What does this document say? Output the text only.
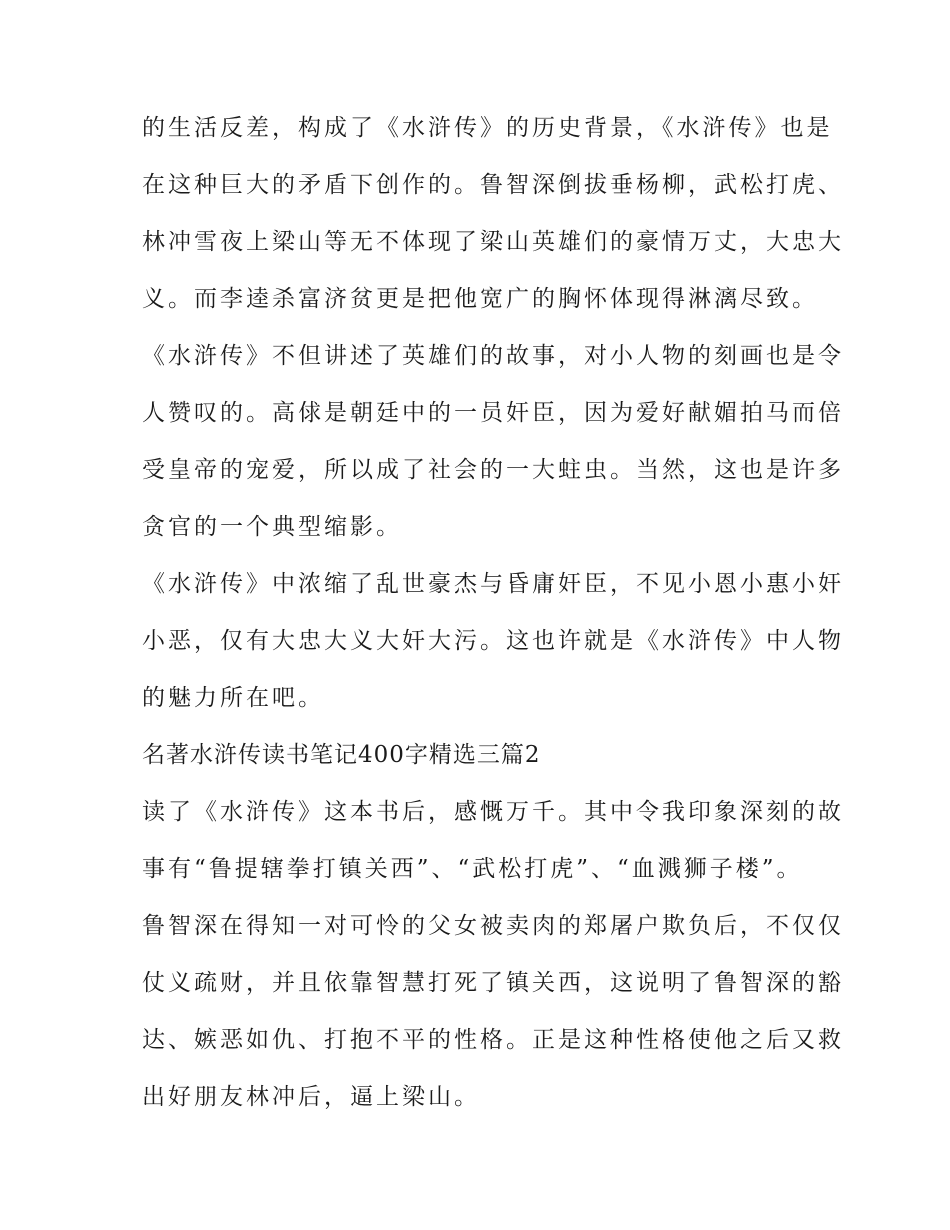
的生活反差，构成了《水浒传》的历史背景，《水浒传》也是
在这种巨大的矛盾下创作的。鲁智深倒拔垂杨柳，武松打虎、
林冲雪夜上梁山等无不体现了梁山英雄们的豪情万丈，大忠大
义。而李逵杀富济贫更是把他宽广的胸怀体现得淋漓尽致。
《水浒传》不但讲述了英雄们的故事，对小人物的刻画也是令
人赞叹的。高俅是朝廷中的一员奸臣，因为爱好献媚拍马而倍
受皇帝的宠爱，所以成了社会的一大蛀虫。当然，这也是许多
贪官的一个典型缩影。
《水浒传》中浓缩了乱世豪杰与昏庸奸臣，不见小恩小惠小奸
小恶，仅有大忠大义大奸大污。这也许就是《水浒传》中人物
的魅力所在吧。
名著水浒传读书笔记400字精选三篇2
读了《水浒传》这本书后，感慨万千。其中令我印象深刻的故
事有“鲁提辖拳打镇关西”、“武松打虎”、“血溅狮子楼”。
鲁智深在得知一对可怜的父女被卖肉的郑屠户欺负后，不仅仅
仗义疏财，并且依靠智慧打死了镇关西，这说明了鲁智深的豁
达、嫉恶如仇、打抱不平的性格。正是这种性格使他之后又救
出好朋友林冲后，逼上梁山。
